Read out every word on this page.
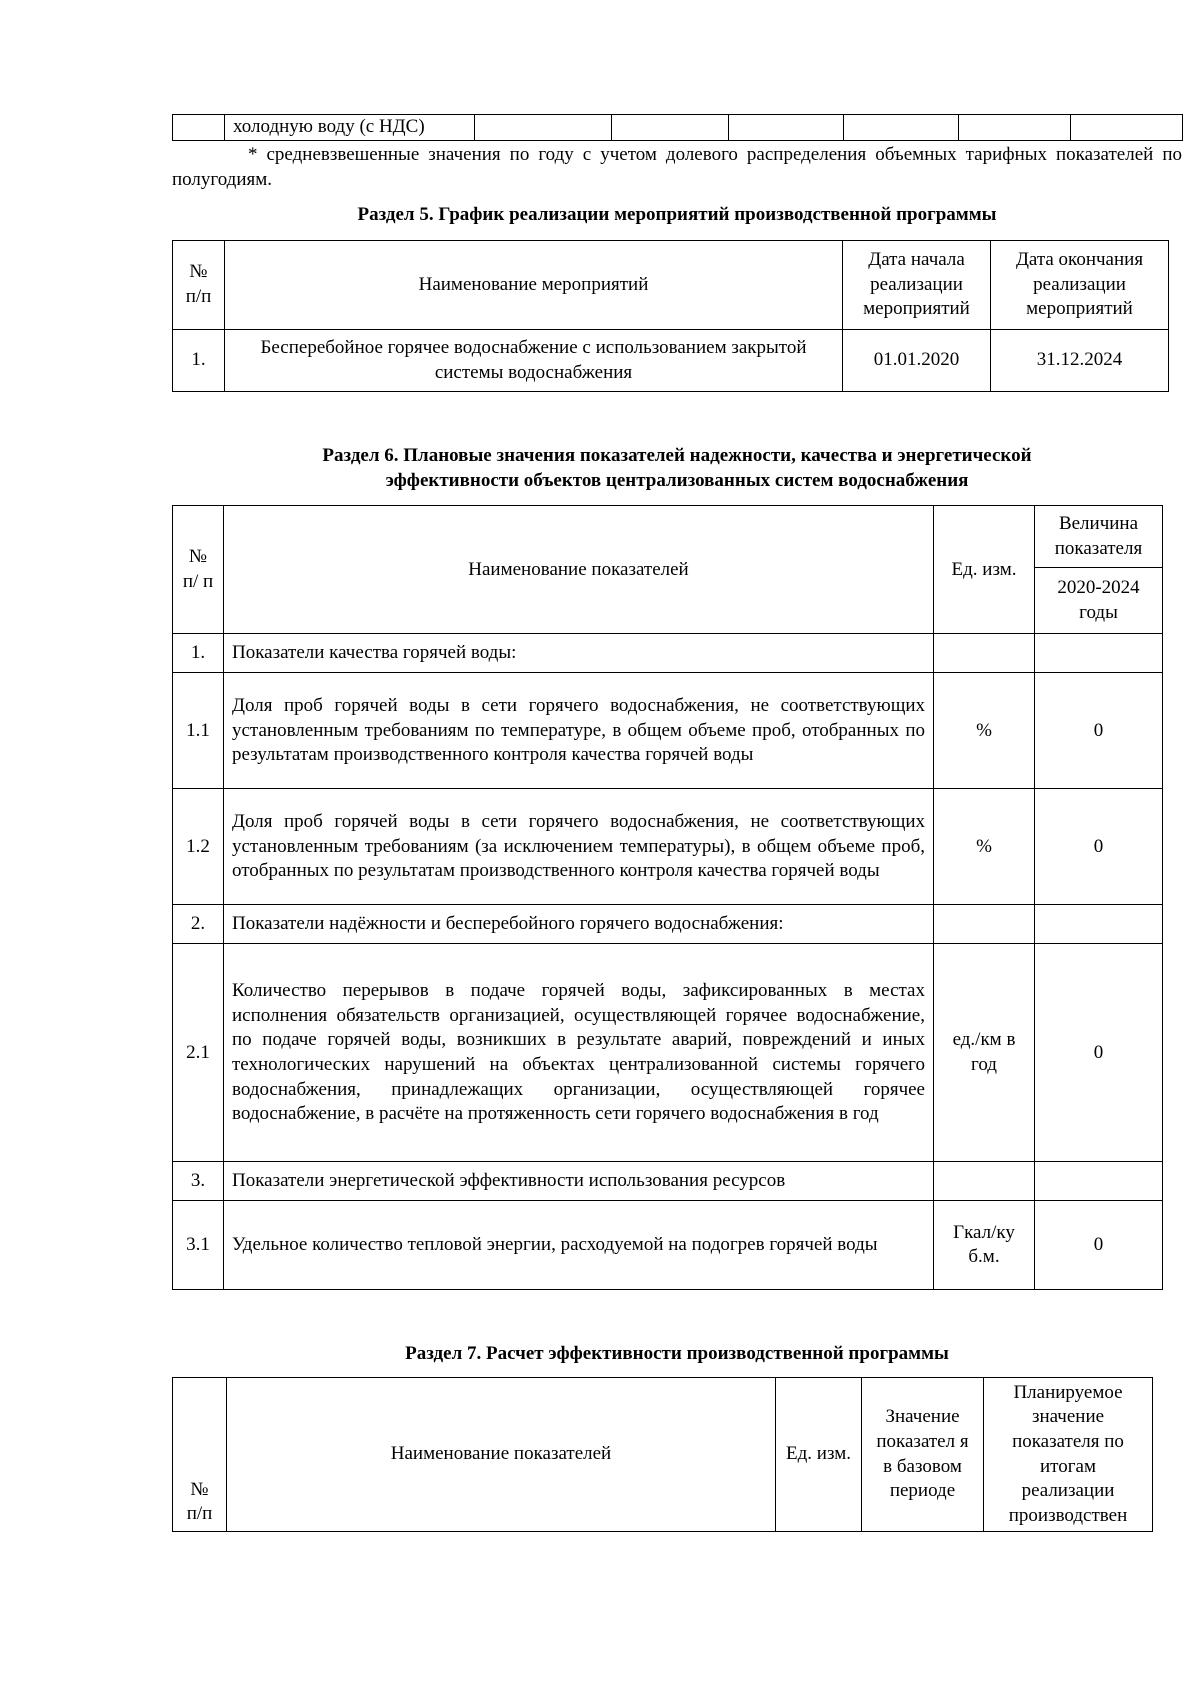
	холодную воду (с НДС)						

* средневзвешенные значения по году с учетом долевого распределения объемных тарифных показателей по полугодиям.

Раздел 5. График реализации мероприятий производственной программы

№ п/п	Наименование мероприятий	Дата начала реализации мероприятий	Дата окончания реализации мероприятий
1.	Бесперебойное горячее водоснабжение с использованием закрытой системы водоснабжения	01.01.2020	31.12.2024

Раздел 6. Плановые значения показателей надежности, качества и энергетической
эффективности объектов централизованных систем водоснабжения

№ п/ п	Наименование показателей	Ед. изм.	Величина показателя
			2020-2024 годы
1.	Показатели качества горячей воды:		
1.1	Доля проб горячей воды в сети горячего водоснабжения, не соответствующих установленным требованиям по температуре, в общем объеме проб, отобранных по результатам производственного контроля качества горячей воды	%	0
1.2	Доля проб горячей воды в сети горячего водоснабжения, не соответствующих установленным требованиям (за исключением температуры), в общем объеме проб, отобранных по результатам производственного контроля качества горячей воды	%	0
2.	Показатели надёжности и бесперебойного горячего водоснабжения:		
2.1	Количество перерывов в подаче горячей воды, зафиксированных в местах исполнения обязательств организацией, осуществляющей горячее водоснабжение, по подаче горячей воды, возникших в результате аварий, повреждений и иных технологических нарушений на объектах централизованной системы горячего водоснабжения, принадлежащих организации, осуществляющей горячее водоснабжение, в расчёте на протяженность сети горячего водоснабжения в год	ед./км в год	0
3.	Показатели энергетической эффективности использования ресурсов		
3.1	Удельное количество тепловой энергии, расходуемой на подогрев горячей воды	Гкал/ку б.м.	0

Раздел 7. Расчет эффективности производственной программы

№ п/п	Наименование показателей	Ед. изм.	Значение показател я в базовом периоде	Планируемое значение показателя по итогам реализации производствен
